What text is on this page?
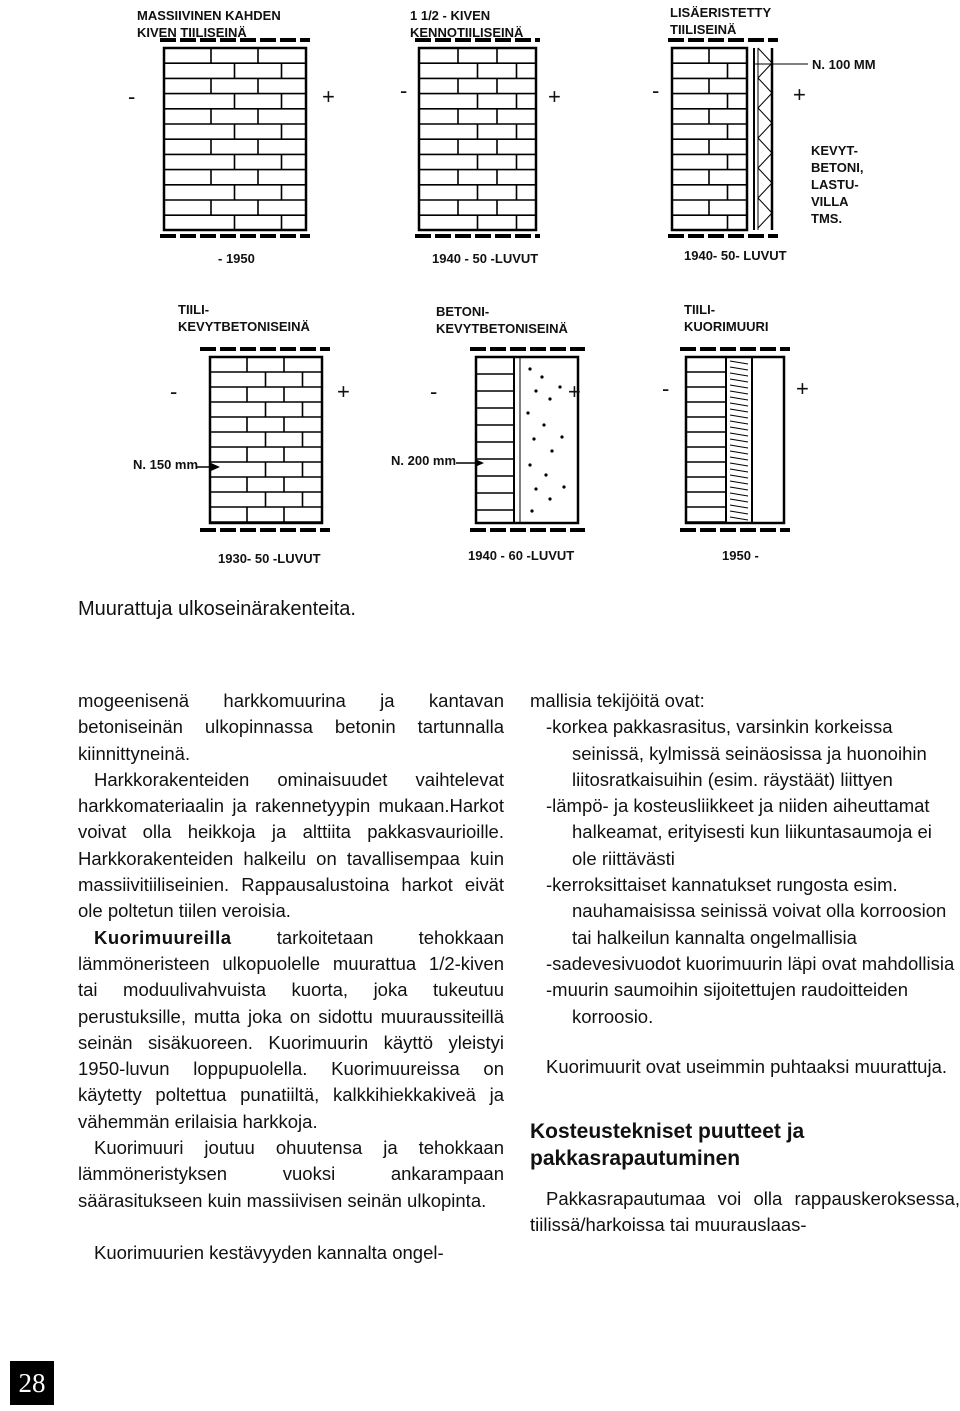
MASSIIVINEN KAHDEN
KIVEN TIILISEINÄ
1 1/2 - KIVEN
KENNOTIILISEINÄ
LISÄERISTETTY
TIILISEINÄ
-	+	-	+	-	+
N. 100 MM
KEVYT-
BETONI,
LASTU-
VILLA
TMS.
- 1950	1940 - 50 -LUVUT	1940- 50- LUVUT
TIILI-
KEVYTBETONISEINÄ
BETONI-
KEVYTBETONISEINÄ
TIILI-
KUORIMUURI
-	+
N. 150 mm
-	+
N. 200 mm
-	+
1930- 50 -LUVUT	1940 - 60 -LUVUT	1950 -
Muurattuja ulkoseinärakenteita.

mogeenisenä harkkomuurina ja kantavan betoniseinän ulkopinnassa betonin tartunnalla kiinnittyneinä.

Harkkorakenteiden ominaisuudet vaihtelevat harkkomateriaalin ja rakennetyypin mukaan.Harkot voivat olla heikkoja ja alttiita pakkasvaurioille. Harkkorakenteiden halkeilu on tavallisempaa kuin massiivitiiliseinien. Rappausalustoina harkot eivät ole poltetun tiilen veroisia.

Kuorimuureilla tarkoitetaan tehokkaan lämmöneristeen ulkopuolelle muurattua 1/2-kiven tai moduulivahvuista kuorta, joka tukeutuu perustuksille, mutta joka on sidottu muuraussiteillä seinän sisäkuoreen. Kuorimuurin käyttö yleistyi 1950-luvun loppupuolella. Kuorimuureissa on käytetty poltettua punatiiltä, kalkkihiekkakiveä ja vähemmän erilaisia harkkoja.

Kuorimuuri joutuu ohuutensa ja tehokkaan lämmöneristyksen vuoksi ankarampaan säärasitukseen kuin massiivisen seinän ulkopinta.

Kuorimuurien kestävyyden kannalta ongel-

mallisia tekijöitä ovat:

-korkea pakkasrasitus, varsinkin korkeissa seinissä, kylmissä seinäosissa ja huonoihin liitosratkaisuihin (esim. räystäät) liittyen

-lämpö- ja kosteusliikkeet ja niiden aiheuttamat halkeamat, erityisesti kun liikuntasaumoja ei ole riittävästi

-kerroksittaiset kannatukset rungosta esim. nauhamaisissa seinissä voivat olla korroosion tai halkeilun kannalta ongelmallisia

-sadevesivuodot kuorimuurin läpi ovat mahdollisia

-muurin saumoihin sijoitettujen raudoitteiden korroosio.

Kuorimuurit ovat useimmin puhtaaksi muurattuja.

Kosteustekniset puutteet ja pakkasrapautuminen

Pakkasrapautumaa voi olla rappauskeroksessa, tiilissä/harkoissa tai muurauslaas-

28
